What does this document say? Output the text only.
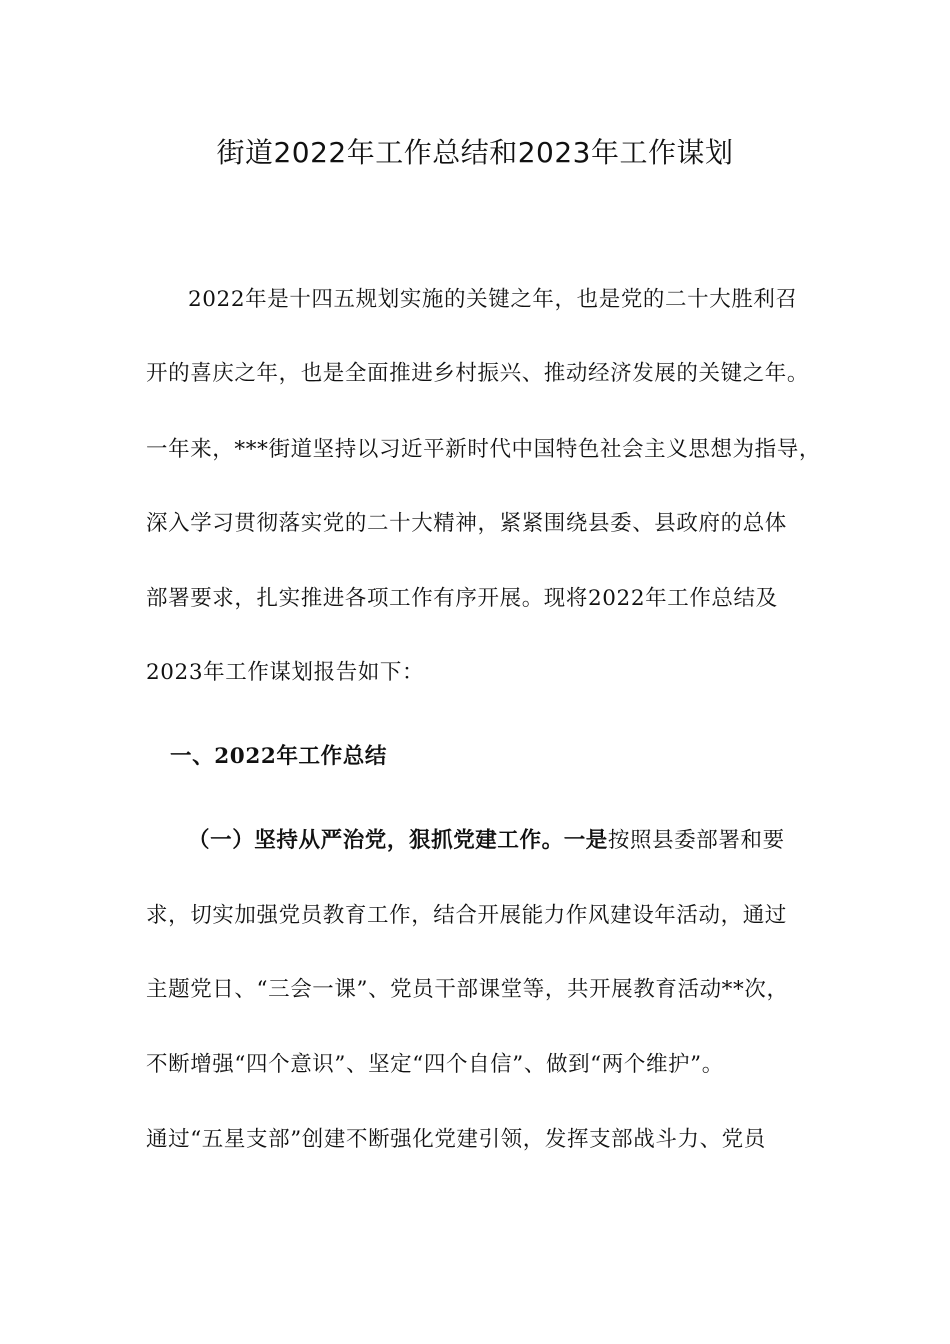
街道2022年工作总结和2023年工作谋划
2022年是十四五规划实施的关键之年，也是党的二十大胜利召
开的喜庆之年，也是全面推进乡村振兴、推动经济发展的关键之年。
一年来，***街道坚持以习近平新时代中国特色社会主义思想为指导，
深入学习贯彻落实党的二十大精神，紧紧围绕县委、县政府的总体
部署要求，扎实推进各项工作有序开展。现将2022年工作总结及
2023年工作谋划报告如下：
一、2022年工作总结
（一）坚持从严治党，狠抓党建工作。一是按照县委部署和要
求，切实加强党员教育工作，结合开展能力作风建设年活动，通过
主题党日、“三会一课”、党员干部课堂等，共开展教育活动**次，
不断增强“四个意识”、坚定“四个自信”、做到“两个维护”。
通过“五星支部”创建不断强化党建引领，发挥支部战斗力、党员
